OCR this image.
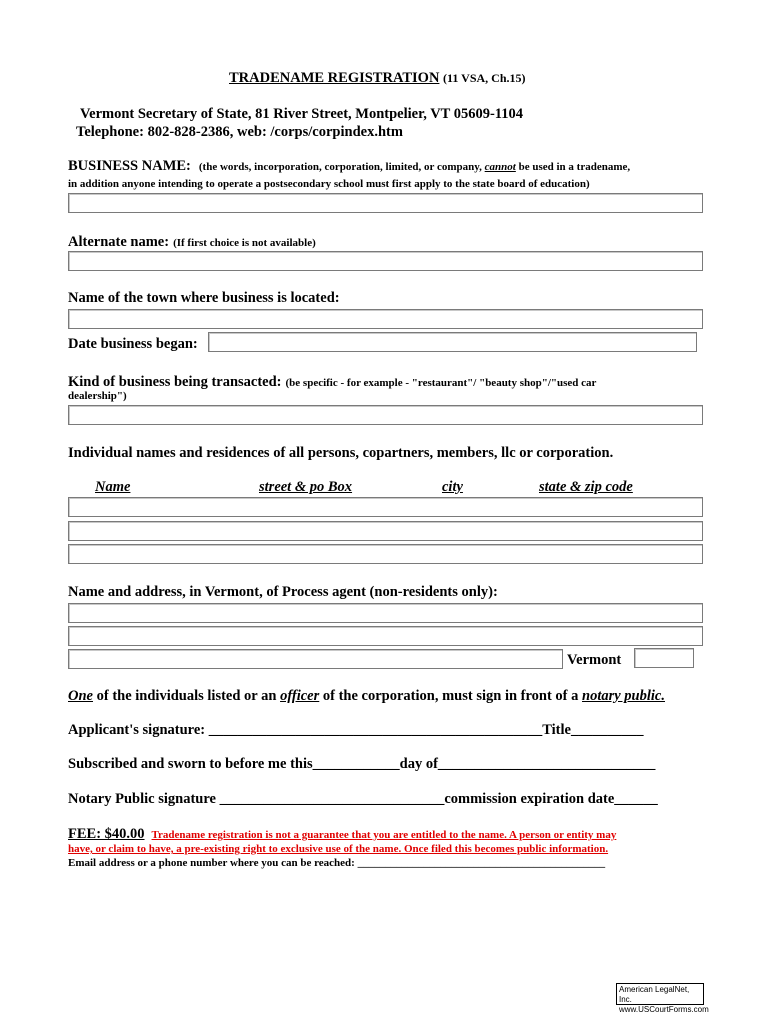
TRADENAME REGISTRATION (11 VSA, Ch.15)
Vermont Secretary of State, 81 River Street, Montpelier, VT 05609-1104
Telephone: 802-828-2386, web: /corps/corpindex.htm
BUSINESS NAME: (the words, incorporation, corporation, limited, or company, cannot be used in a tradename,
in addition anyone intending to operate a postsecondary school must first apply to the state board of education)
Alternate name: (If first choice is not available)
Name of the town where business is located:
Date business began:
Kind of business being transacted: (be specific - for example - "restaurant"/ "beauty shop"/"used car
dealership")
Individual names and residences of all persons, copartners, members, llc or corporation.
Name	street & po Box	city	state & zip code
Name and address, in Vermont, of Process agent (non-residents only):
Vermont
One of the individuals listed or an officer of the corporation, must sign in front of a notary public.
Applicant's signature: ______________________________________________Title__________
Subscribed and sworn to before me this____________day of______________________________
Notary Public signature _______________________________commission expiration date______
FEE: $40.00 Tradename registration is not a guarantee that you are entitled to the name. A person or entity may
have, or claim to have, a pre-existing right to exclusive use of the name. Once filed this becomes public information.
Email address or a phone number where you can be reached: _____________________________________________
American LegalNet, Inc.
www.USCourtForms.com
